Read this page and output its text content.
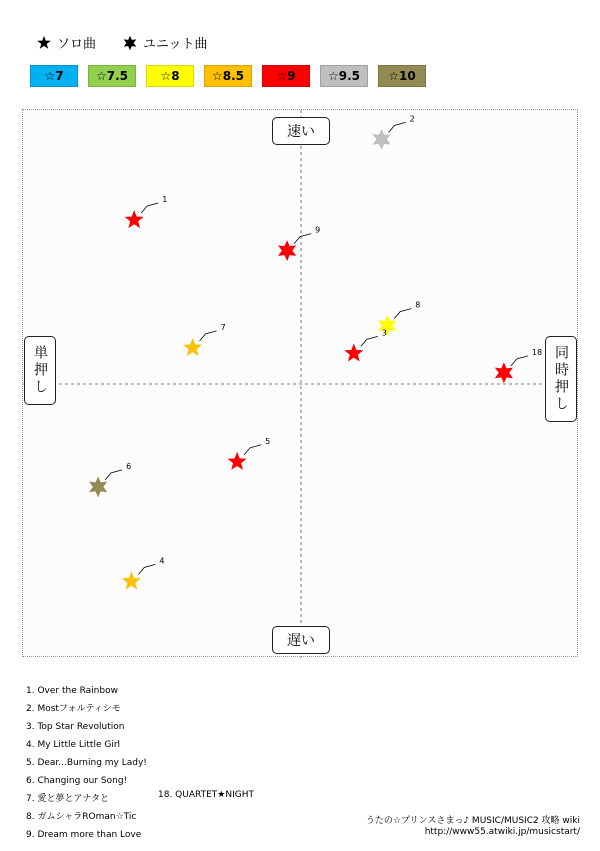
ソロ曲	ユニット曲
☆7	☆7.5	☆8	☆8.5	☆9	☆9.5	☆10
1
2
9
8
3
7
18
5
6
4
速い
遅い
単押し	同時押し
1. Over the Rainbow
2. Mostフォルティシモ
3. Top Star Revolution
4. My Little Little Girl
5. Dear...Burning my Lady!
6. Changing our Song!
7. 愛と夢とアナタと
8. ガムシャラROman☆Tic
9. Dream more than Love
18. QUARTET★NIGHT
うたの☆プリンスさまっ♪ MUSIC/MUSIC2 攻略 wiki
http://www55.atwiki.jp/musicstart/
